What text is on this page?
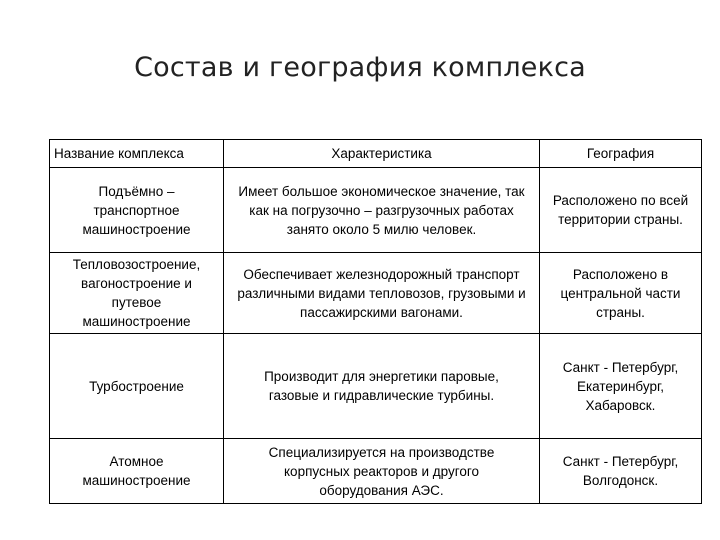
Состав и география комплекса
Название комплекса	Характеристика	География
Подъёмно – транспортное машиностроение	Имеет большое экономическое значение, так как на погрузочно – разгрузочных работах занято около 5 милю человек.	Расположено по всей территории страны.
Тепловозостроение, вагоностроение и путевое машиностроение	Обеспечивает железнодорожный транспорт различными видами тепловозов, грузовыми и пассажирскими вагонами.	Расположено в центральной части страны.
Турбостроение	Производит для энергетики паровые, газовые и гидравлические турбины.	Санкт - Петербург, Екатеринбург, Хабаровск.
Атомное машиностроение	Специализируется на производстве корпусных реакторов и другого оборудования АЭС.	Санкт - Петербург, Волгодонск.
